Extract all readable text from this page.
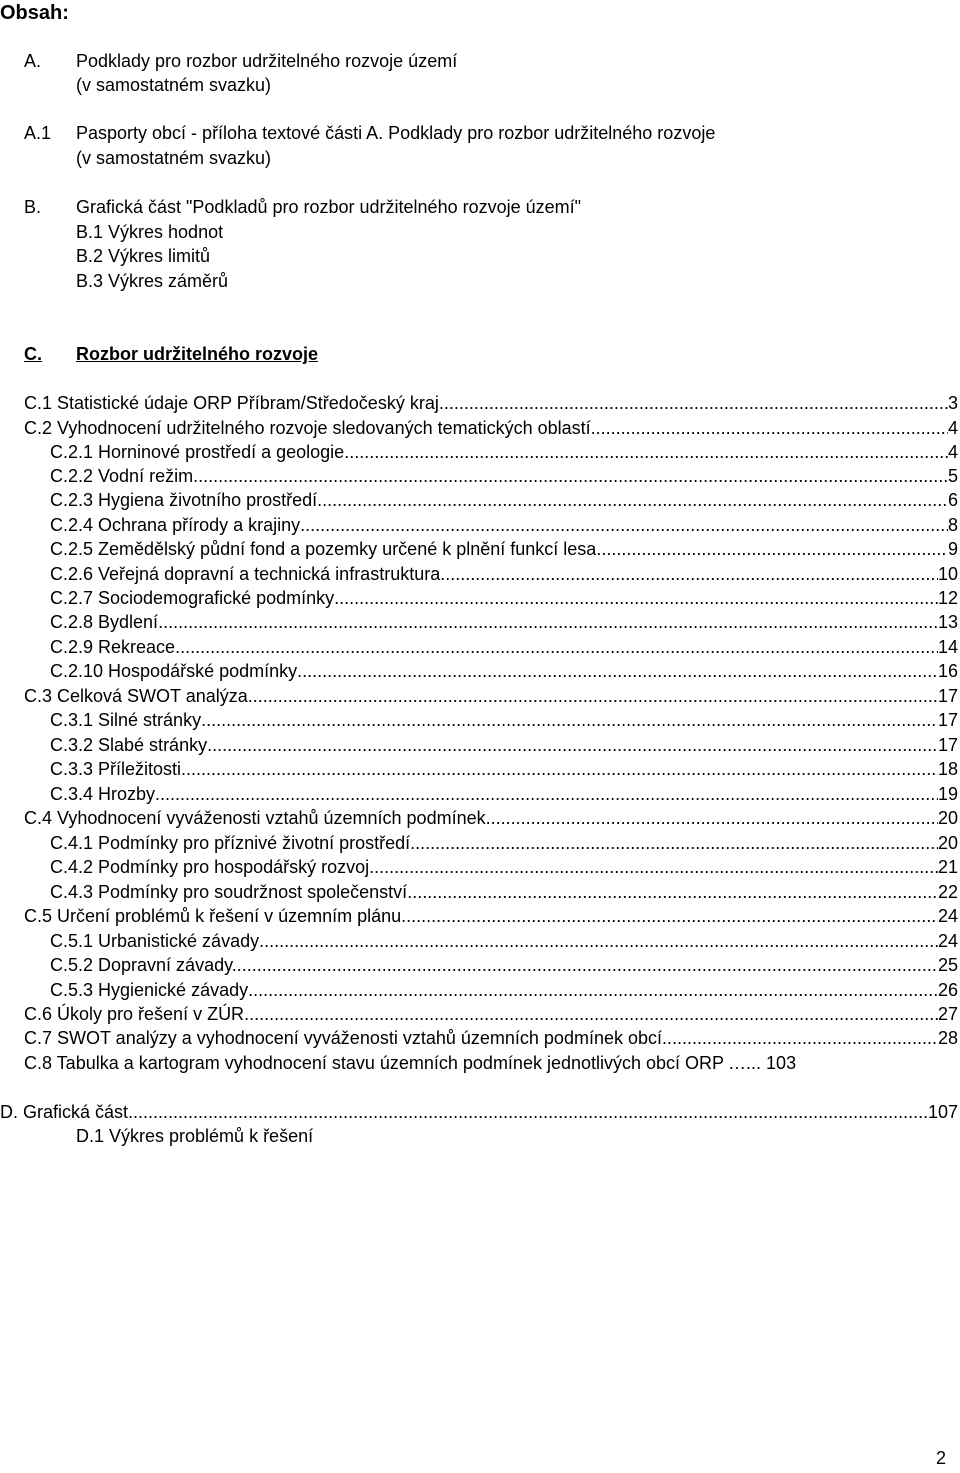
Obsah:
A. Podklady pro rozbor udržitelného rozvoje území
(v samostatném svazku)
A.1 Pasporty obcí - příloha textové části A. Podklady pro rozbor udržitelného rozvoje
(v samostatném svazku)
B. Grafická část "Podkladů pro rozbor udržitelného rozvoje území"
B.1 Výkres hodnot
B.2 Výkres limitů
B.3 Výkres záměrů
C. Rozbor udržitelného rozvoje
C.1 Statistické údaje ORP Příbram/Středočeský kraj .....	3
C.2 Vyhodnocení udržitelného rozvoje sledovaných tematických oblastí .....	4
C.2.1 Horninové prostředí a geologie .....	4
C.2.2 Vodní režim .....	5
C.2.3 Hygiena životního prostředí .....	6
C.2.4 Ochrana přírody a krajiny .....	8
C.2.5 Zemědělský půdní fond a pozemky určené k plnění funkcí lesa .....	9
C.2.6 Veřejná dopravní a technická infrastruktura .....	10
C.2.7 Sociodemografické podmínky .....	12
C.2.8 Bydlení .....	13
C.2.9 Rekreace .....	14
C.2.10 Hospodářské podmínky .....	16
C.3 Celková SWOT analýza .....	17
C.3.1 Silné stránky .....	17
C.3.2 Slabé stránky .....	17
C.3.3 Příležitosti .....	18
C.3.4 Hrozby .....	19
C.4 Vyhodnocení vyváženosti vztahů územních podmínek .....	20
C.4.1 Podmínky pro příznivé životní prostředí .....	20
C.4.2 Podmínky pro hospodářský rozvoj .....	21
C.4.3 Podmínky pro soudržnost společenství .....	22
C.5 Určení problémů k řešení v územním plánu .....	24
C.5.1 Urbanistické závady .....	24
C.5.2 Dopravní závady. .....	25
C.5.3 Hygienické závady .....	26
C.6 Úkoly pro řešení v ZÚR .....	27
C.7 SWOT analýzy a vyhodnocení vyváženosti vztahů územních podmínek obcí .....	28
C.8 Tabulka a kartogram vyhodnocení stavu územních podmínek jednotlivých obcí ORP …... 103
D. Grafická část .....	107
D.1 Výkres problémů k řešení
2
